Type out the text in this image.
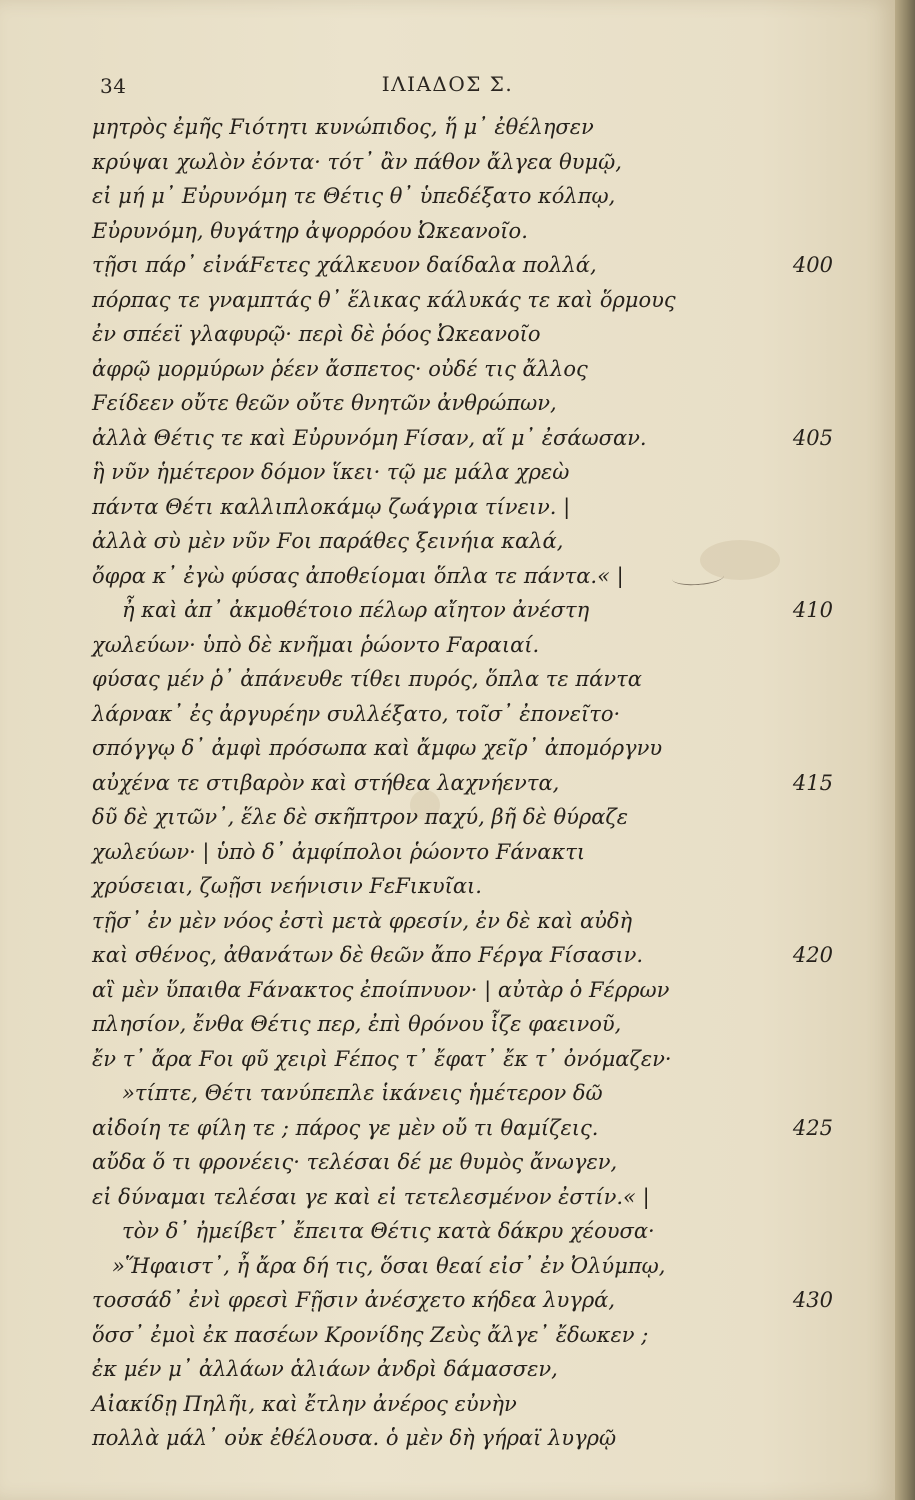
34	ΙΛΙΑΔΟΣ Σ.
μητρὸς ἐμῆς Fιότητι κυνώπιδος, ἥ μ᾽ ἐθέλησεν
κρύψαι χωλὸν ἐόντα· τότ᾽ ἂν πάθον ἄλγεα θυμῷ,
εἰ μή μ᾽ Εὐρυνόμη τε Θέτις θ᾽ ὑπεδέξατο κόλπῳ,
Εὐρυνόμη, θυγάτηρ ἀψορρόου Ὠκεανοῖο.
τῇσι πάρ᾽ εἰνάFετες χάλκευον δαίδαλα πολλά,	400
πόρπας τε γναμπτάς θ᾽ ἕλικας κάλυκάς τε καὶ ὅρμους
ἐν σπέεϊ γλαφυρῷ· περὶ δὲ ῥόος Ὠκεανοῖο
ἀφρῷ μορμύρων ῥέεν ἄσπετος· οὐδέ τις ἄλλος
Fείδεεν οὔτε θεῶν οὔτε θνητῶν ἀνθρώπων,
ἀλλὰ Θέτις τε καὶ Εὐρυνόμη Fίσαν, αἵ μ᾽ ἐσάωσαν.	405
ἣ νῦν ἡμέτερον δόμον ἵκει· τῷ με μάλα χρεὼ
πάντα Θέτι καλλιπλοκάμῳ ζωάγρια τίνειν. |
ἀλλὰ σὺ μὲν νῦν Fοι παράθες ξεινήια καλά,
ὄφρα κ᾽ ἐγὼ φύσας ἀποθείομαι ὅπλα τε πάντα.« |
ἦ καὶ ἀπ᾽ ἀκμοθέτοιο πέλωρ αἴητον ἀνέστη	410
χωλεύων· ὑπὸ δὲ κνῆμαι ῥώοντο Fαραιαί.
φύσας μέν ῥ᾽ ἀπάνευθε τίθει πυρός, ὅπλα τε πάντα
λάρνακ᾽ ἐς ἀργυρέην συλλέξατο, τοῖσ᾽ ἐπονεῖτο·
σπόγγῳ δ᾽ ἀμφὶ πρόσωπα καὶ ἄμφω χεῖρ᾽ ἀπομόργνυ
αὐχένα τε στιβαρὸν καὶ στήθεα λαχνήεντα,	415
δῦ δὲ χιτῶν᾽, ἕλε δὲ σκῆπτρον παχύ, βῆ δὲ θύραζε
χωλεύων· | ὑπὸ δ᾽ ἀμφίπολοι ῥώοντο Fάνακτι
χρύσειαι, ζωῇσι νεήνισιν FεFικυῖαι.
τῇσ᾽ ἐν μὲν νόος ἐστὶ μετὰ φρεσίν, ἐν δὲ καὶ αὐδὴ
καὶ σθένος, ἀθανάτων δὲ θεῶν ἄπο Fέργα Fίσασιν.	420
αἳ μὲν ὕπαιθα Fάνακτος ἐποίπνυον· | αὐτὰρ ὁ Fέρρων
πλησίον, ἔνθα Θέτις περ, ἐπὶ θρόνου ἷζε φαεινοῦ,
ἔν τ᾽ ἄρα Fοι φῦ χειρὶ Fέπος τ᾽ ἔφατ᾽ ἔκ τ᾽ ὀνόμαζεν·
»τίπτε, Θέτι τανύπεπλε ἱκάνεις ἡμέτερον δῶ
αἰδοίη τε φίλη τε ; πάρος γε μὲν οὔ τι θαμίζεις.	425
αὔδα ὅ τι φρονέεις· τελέσαι δέ με θυμὸς ἄνωγεν,
εἰ δύναμαι τελέσαι γε καὶ εἰ τετελεσμένον ἐστίν.« |
τὸν δ᾽ ἠμείβετ᾽ ἔπειτα Θέτις κατὰ δάκρυ χέουσα·
»Ἥφαιστ᾽, ἦ ἄρα δή τις, ὅσαι θεαί εἰσ᾽ ἐν Ὀλύμπῳ,
τοσσάδ᾽ ἐνὶ φρεσὶ Fῇσιν ἀνέσχετο κήδεα λυγρά,	430
ὅσσ᾽ ἐμοὶ ἐκ πασέων Κρονίδης Ζεὺς ἄλγε᾽ ἔδωκεν ;
ἐκ μέν μ᾽ ἀλλάων ἁλιάων ἀνδρὶ δάμασσεν,
Αἰακίδῃ Πηλῆι, καὶ ἔτλην ἀνέρος εὐνὴν
πολλὰ μάλ᾽ οὐκ ἐθέλουσα. ὁ μὲν δὴ γήραϊ λυγρῷ
